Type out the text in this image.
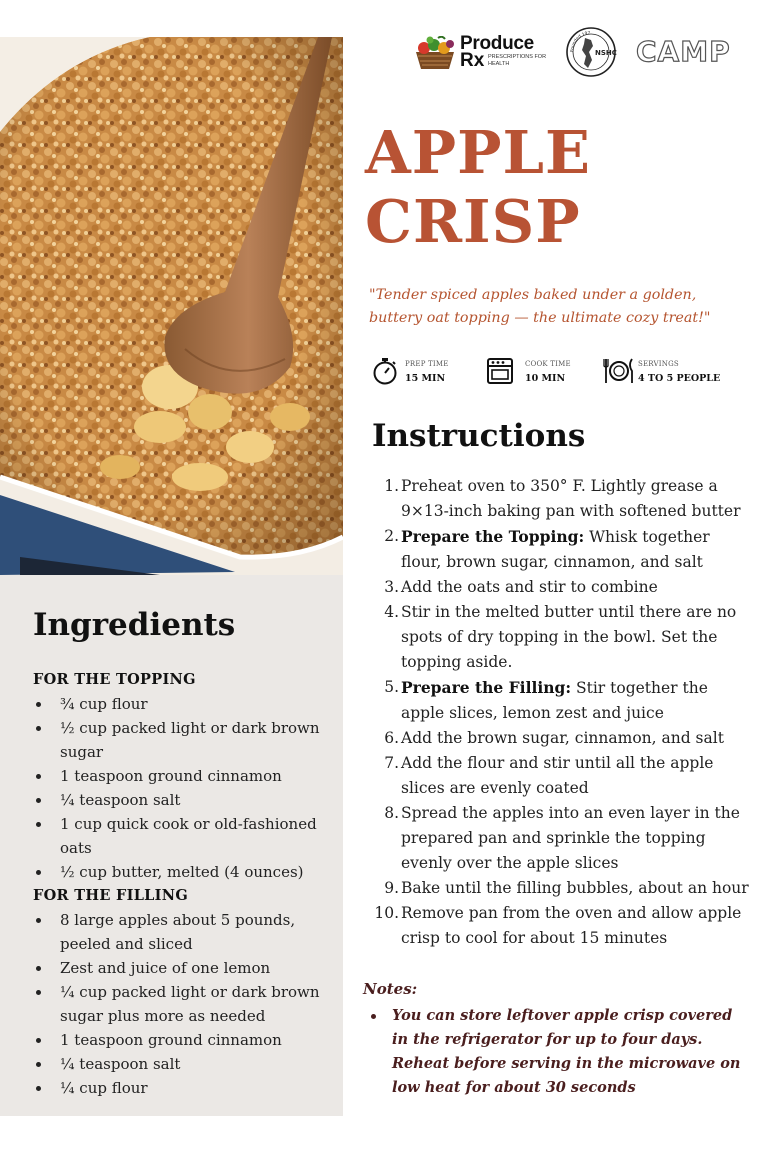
Ingredients
FOR THE TOPPING
¾ cup flour
½ cup packed light or dark brown sugar
1 teaspoon ground cinnamon
¼ teaspoon salt
1 cup quick cook or old-fashioned oats
½ cup butter, melted (4 ounces)
FOR THE FILLING
8 large apples about 5 pounds, peeled and sliced
Zest and juice of one lemon
¼ cup packed light or dark brown sugar plus more as needed
1 teaspoon ground cinnamon
¼ teaspoon salt
¼ cup flour
Produce
Rx PRESCRIPTIONS FOR HEALTH
NSHC
Founded 197
CAMP
APPLE
CRISP
"Tender spiced apples baked under a golden, buttery oat topping — the ultimate cozy treat!"
PREP TIME
15 MIN
COOK TIME
10 MIN
SERVINGS
4 TO 5 PEOPLE
Instructions
1. Preheat oven to 350° F. Lightly grease a 9×13-inch baking pan with softened butter
2. Prepare the Topping: Whisk together flour, brown sugar, cinnamon, and salt
3. Add the oats and stir to combine
4. Stir in the melted butter until there are no spots of dry topping in the bowl. Set the topping aside.
5. Prepare the Filling: Stir together the apple slices, lemon zest and juice
6. Add the brown sugar, cinnamon, and salt
7. Add the flour and stir until all the apple slices are evenly coated
8. Spread the apples into an even layer in the prepared pan and sprinkle the topping evenly over the apple slices
9. Bake until the filling bubbles, about an hour
10. Remove pan from the oven and allow apple crisp to cool for about 15 minutes
Notes:
You can store leftover apple crisp covered in the refrigerator for up to four days. Reheat before serving in the microwave on low heat for about 30 seconds
